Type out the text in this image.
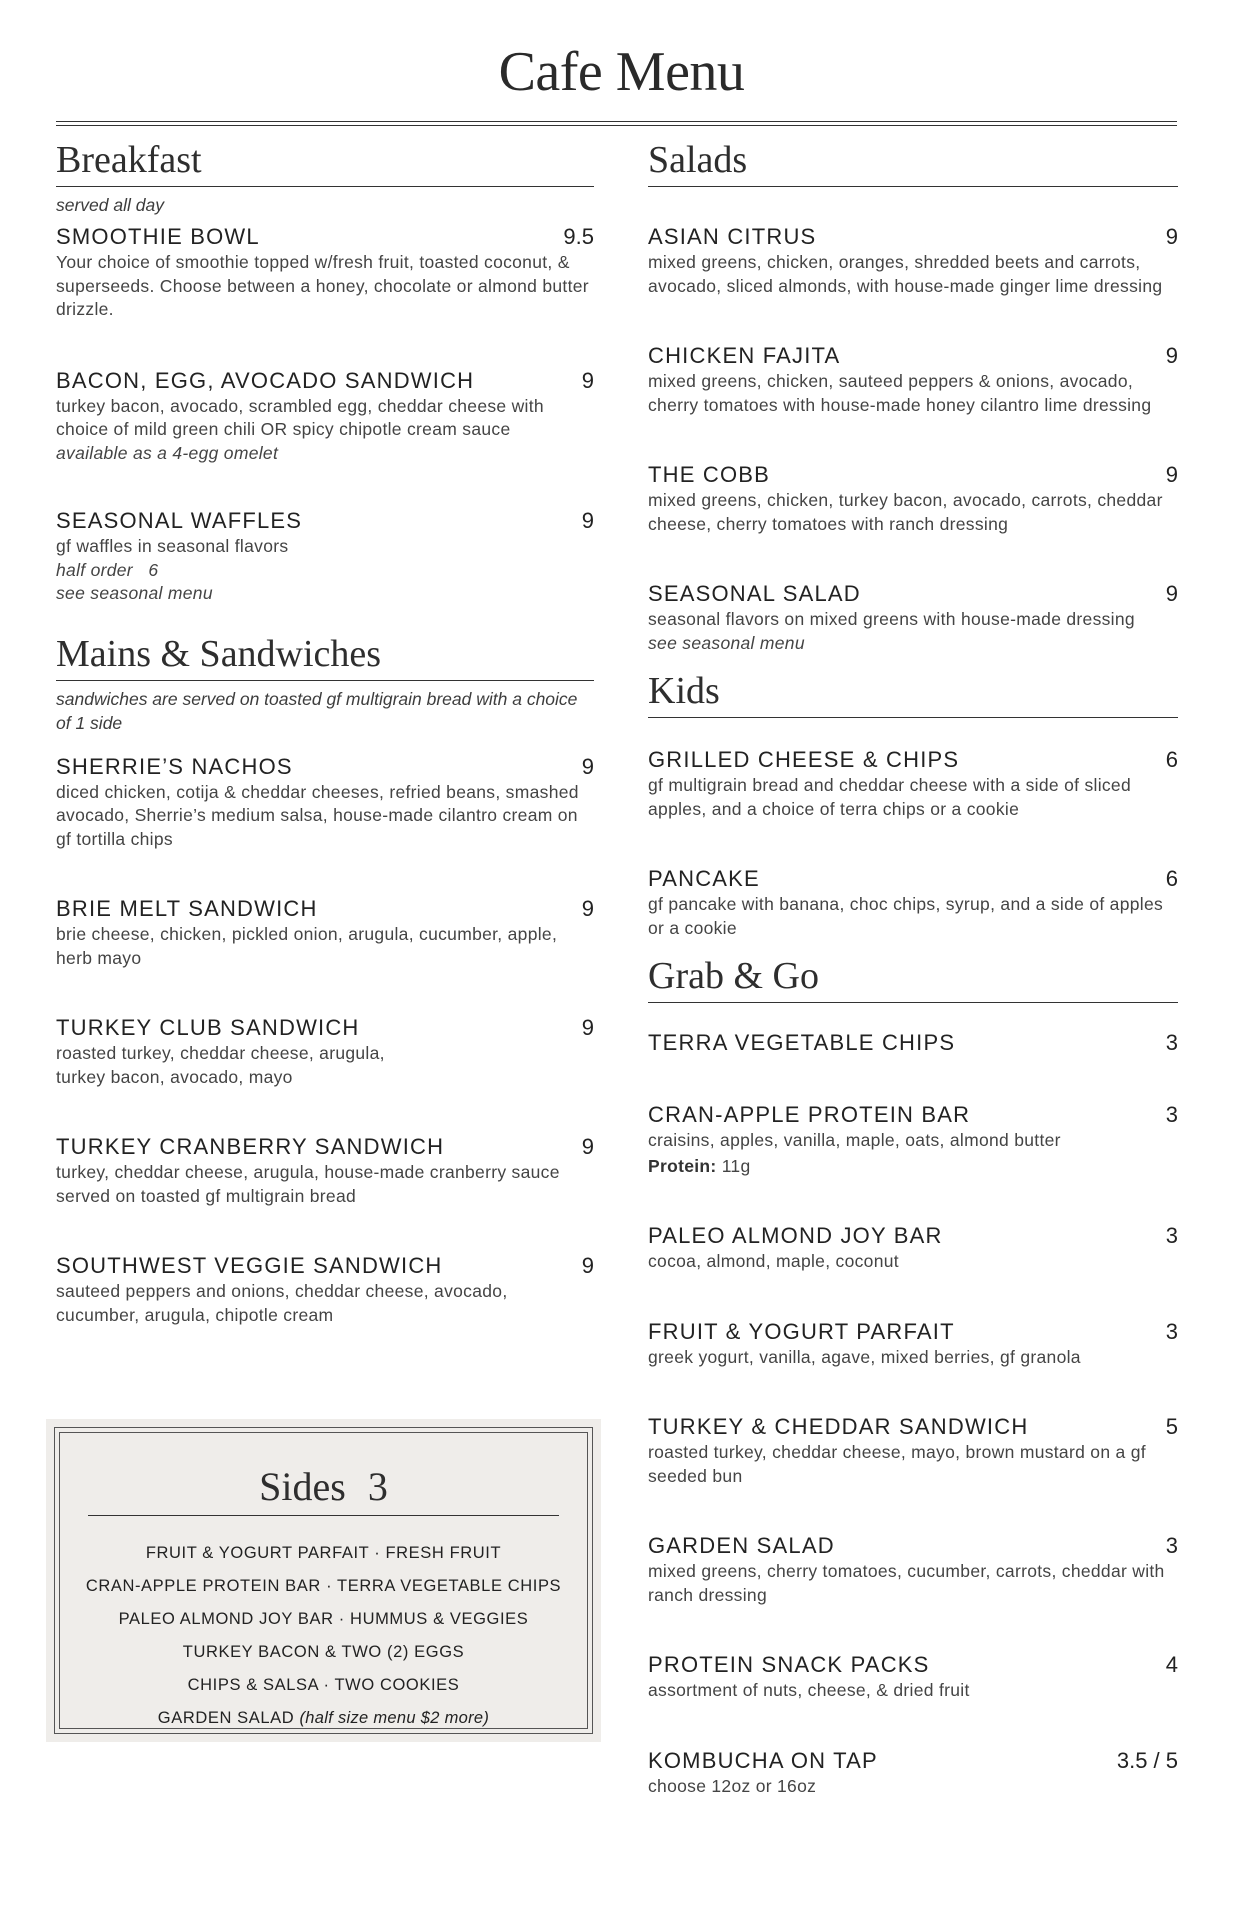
Cafe Menu
Breakfast
served all day
SMOOTHIE BOWL	9.5
Your choice of smoothie topped w/fresh fruit, toasted coconut, & superseeds. Choose between a honey, chocolate or almond butter drizzle.
BACON, EGG, AVOCADO SANDWICH	9
turkey bacon, avocado, scrambled egg, cheddar cheese with choice of mild green chili OR spicy chipotle cream sauce
available as a 4-egg omelet
SEASONAL WAFFLES	9
gf waffles in seasonal flavors
half order   6
see seasonal menu
Mains & Sandwiches
sandwiches are served on toasted gf multigrain bread with a choice of 1 side
SHERRIE’S NACHOS	9
diced chicken, cotija & cheddar cheeses, refried beans, smashed avocado, Sherrie’s medium salsa, house-made cilantro cream on gf tortilla chips
BRIE MELT SANDWICH	9
brie cheese, chicken, pickled onion, arugula, cucumber, apple, herb mayo
TURKEY CLUB SANDWICH	9
roasted turkey, cheddar cheese, arugula,
turkey bacon, avocado, mayo
TURKEY CRANBERRY SANDWICH	9
turkey, cheddar cheese, arugula, house-made cranberry sauce served on toasted gf multigrain bread
SOUTHWEST VEGGIE SANDWICH	9
sauteed peppers and onions, cheddar cheese, avocado, cucumber, arugula, chipotle cream
Sides 3
FRUIT & YOGURT PARFAIT · FRESH FRUIT
CRAN-APPLE PROTEIN BAR · TERRA VEGETABLE CHIPS
PALEO ALMOND JOY BAR · HUMMUS & VEGGIES
TURKEY BACON & TWO (2) EGGS
CHIPS & SALSA · TWO COOKIES
GARDEN SALAD (half size menu $2 more)
Salads
ASIAN CITRUS	9
mixed greens, chicken, oranges, shredded beets and carrots, avocado, sliced almonds, with house-made ginger lime dressing
CHICKEN FAJITA	9
mixed greens, chicken, sauteed peppers & onions, avocado, cherry tomatoes with house-made honey cilantro lime dressing
THE COBB	9
mixed greens, chicken, turkey bacon, avocado, carrots, cheddar cheese, cherry tomatoes with ranch dressing
SEASONAL SALAD	9
seasonal flavors on mixed greens with house-made dressing
see seasonal menu
Kids
GRILLED CHEESE & CHIPS	6
gf multigrain bread and cheddar cheese with a side of sliced apples, and a choice of terra chips or a cookie
PANCAKE	6
gf pancake with banana, choc chips, syrup, and a side of apples or a cookie
Grab & Go
TERRA VEGETABLE CHIPS	3
CRAN-APPLE PROTEIN BAR	3
craisins, apples, vanilla, maple, oats, almond butter
Protein: 11g
PALEO ALMOND JOY BAR	3
cocoa, almond, maple, coconut
FRUIT & YOGURT PARFAIT	3
greek yogurt, vanilla, agave, mixed berries, gf granola
TURKEY & CHEDDAR SANDWICH	5
roasted turkey, cheddar cheese, mayo, brown mustard on a gf seeded bun
GARDEN SALAD	3
mixed greens, cherry tomatoes, cucumber, carrots, cheddar with ranch dressing
PROTEIN SNACK PACKS	4
assortment of nuts, cheese, & dried fruit
KOMBUCHA ON TAP	3.5 / 5
choose 12oz or 16oz
